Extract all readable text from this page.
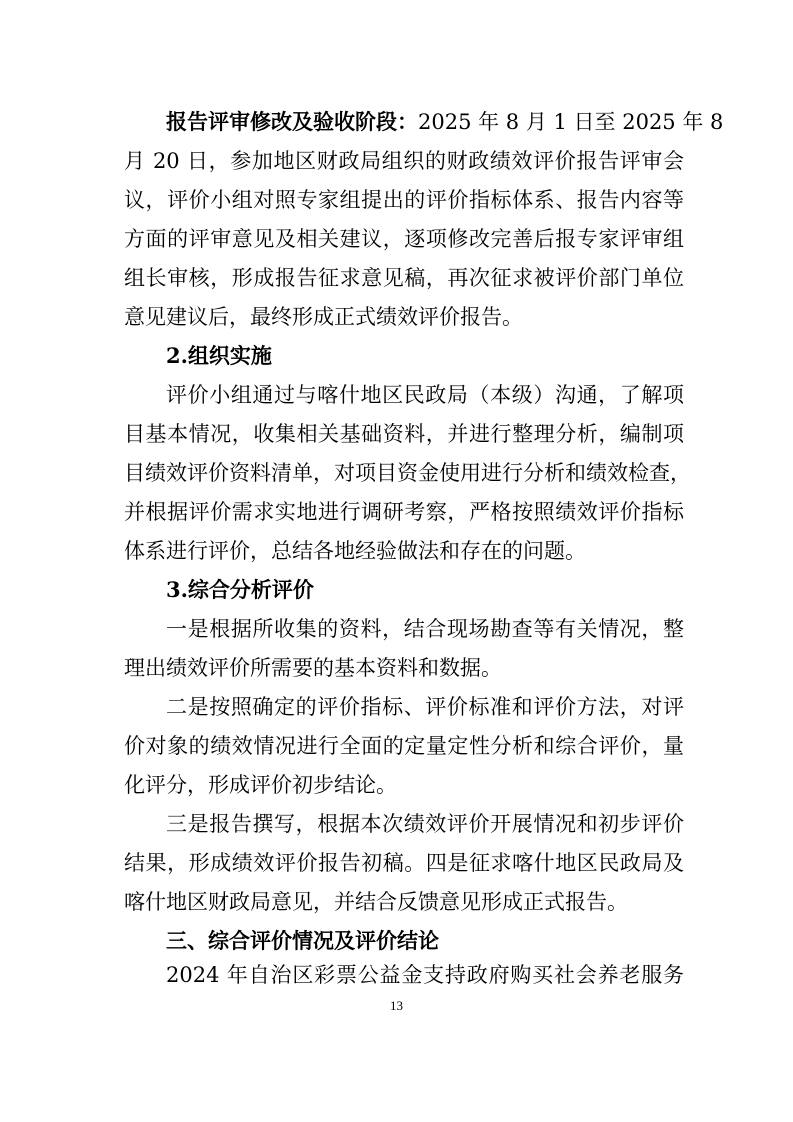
报告评审修改及验收阶段：2025 年 8 月 1 日至 2025 年 8
月 20 日，参加地区财政局组织的财政绩效评价报告评审会
议，评价小组对照专家组提出的评价指标体系、报告内容等
方面的评审意见及相关建议，逐项修改完善后报专家评审组
组长审核，形成报告征求意见稿，再次征求被评价部门单位
意见建议后，最终形成正式绩效评价报告。
2.组织实施
评价小组通过与喀什地区民政局（本级）沟通，了解项
目基本情况，收集相关基础资料，并进行整理分析，编制项
目绩效评价资料清单，对项目资金使用进行分析和绩效检查，
并根据评价需求实地进行调研考察，严格按照绩效评价指标
体系进行评价，总结各地经验做法和存在的问题。
3.综合分析评价
一是根据所收集的资料，结合现场勘查等有关情况，整
理出绩效评价所需要的基本资料和数据。
二是按照确定的评价指标、评价标准和评价方法，对评
价对象的绩效情况进行全面的定量定性分析和综合评价，量
化评分，形成评价初步结论。
三是报告撰写，根据本次绩效评价开展情况和初步评价
结果，形成绩效评价报告初稿。四是征求喀什地区民政局及
喀什地区财政局意见，并结合反馈意见形成正式报告。
三、综合评价情况及评价结论
2024 年自治区彩票公益金支持政府购买社会养老服务
13
